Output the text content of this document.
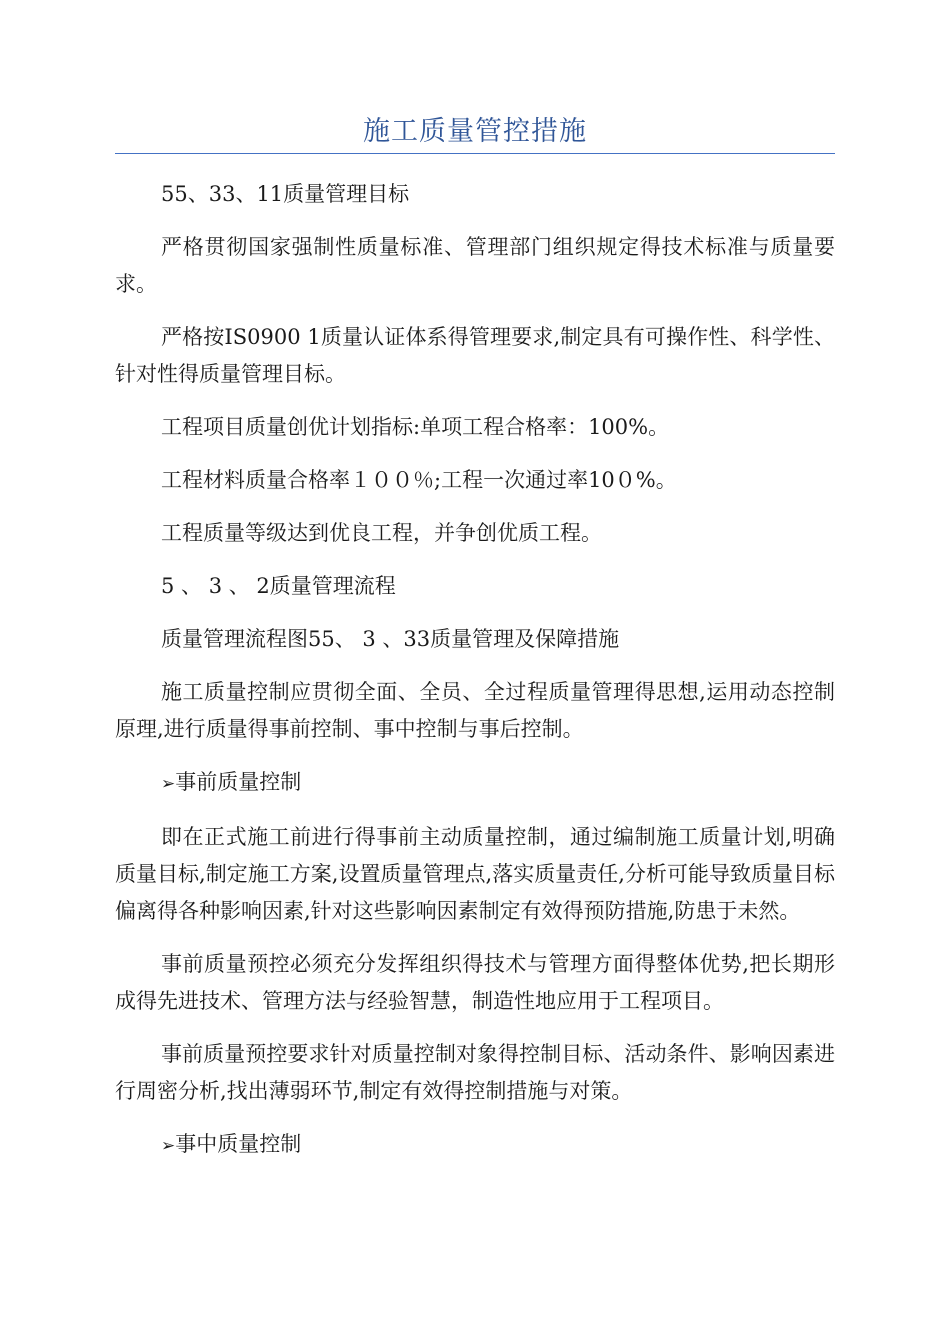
施工质量管控措施

55、33、11质量管理目标

严格贯彻国家强制性质量标准、管理部门组织规定得技术标准与质量要求。

严格按IS0900 1质量认证体系得管理要求,制定具有可操作性、科学性、针对性得质量管理目标。

工程项目质量创优计划指标:单项工程合格率：100%。

工程材料质量合格率１００％;工程一次通过率10０%。

工程质量等级达到优良工程，并争创优质工程。

5 、 3 、 2质量管理流程

质量管理流程图55、 3 、33质量管理及保障措施

施工质量控制应贯彻全面、全员、全过程质量管理得思想,运用动态控制原理,进行质量得事前控制、事中控制与事后控制。

➢事前质量控制

即在正式施工前进行得事前主动质量控制，通过编制施工质量计划,明确质量目标,制定施工方案,设置质量管理点,落实质量责任,分析可能导致质量目标偏离得各种影响因素,针对这些影响因素制定有效得预防措施,防患于未然。

事前质量预控必须充分发挥组织得技术与管理方面得整体优势,把长期形成得先进技术、管理方法与经验智慧，制造性地应用于工程项目。

事前质量预控要求针对质量控制对象得控制目标、活动条件、影响因素进行周密分析,找出薄弱环节,制定有效得控制措施与对策。

➢事中质量控制
